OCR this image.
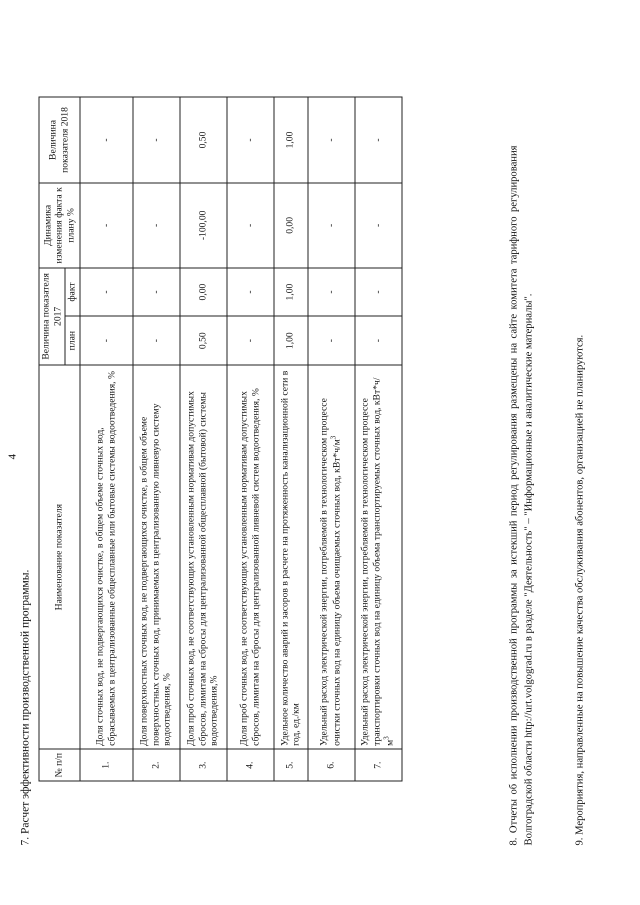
4
7. Расчет эффективности производственной программы. № п/п	Наименование показателя	Величина показателя 2017		Динамика изменения факта к плану %	Величина показателя 2018
		план	факт		
1.	Доля сточных вод, не подвергающихся очистке, в общем объеме сточных вод, сбрасываемых в централизованные общесплавные или бытовые системы водоотведения, %	-	-	-	-
2.	Доля поверхностных сточных вод, не подвергающихся очистке, в общем объеме поверхностных сточных вод, принимаемых в централизованную ливневую систему водоотведения, %	-	-	-	-
3.	Доля проб сточных вод, не соответствующих установленным нормативам допустимых сбросов, лимитам на сбросы для централизованной общесплавной (бытовой) системы водоотведения,%	0,50	0,00	-100,00	0,50
4.	Доля проб сточных вод, не соответствующих установленным нормативам допустимых сбросов, лимитам на сбросы для централизованной ливневой систем водоотведения, %	-	-	-	-
5.	Удельное количество аварий и засоров в расчете на протяженность канализационной сети в год, ед./км	1,00	1,00	0,00	1,00
6.	Удельный расход электрической энергии, потребляемой в технологическом процессе очистки сточных вод на единицу объема очищаемых сточных вод, $кВт*ч/м^3$	-	-	-	-
7.	Удельный расход электрической энергии, потребляемой в технологическом процессе транспортировки сточных вод на единицу объема транспортируемых сточных вод, $кВт*ч/м^3$	-	-	-	-
8. Отчеты об исполнении производственной программы за истекший период регулирования размещены на сайте комитета тарифного регулирования Волгоградской области http://urt.volgograd.ru в разделе "Деятельность" – "Информационные и аналитические материалы".	9. Мероприятия, направленные на повышение качества обслуживания абонентов, организацией не планируются.
